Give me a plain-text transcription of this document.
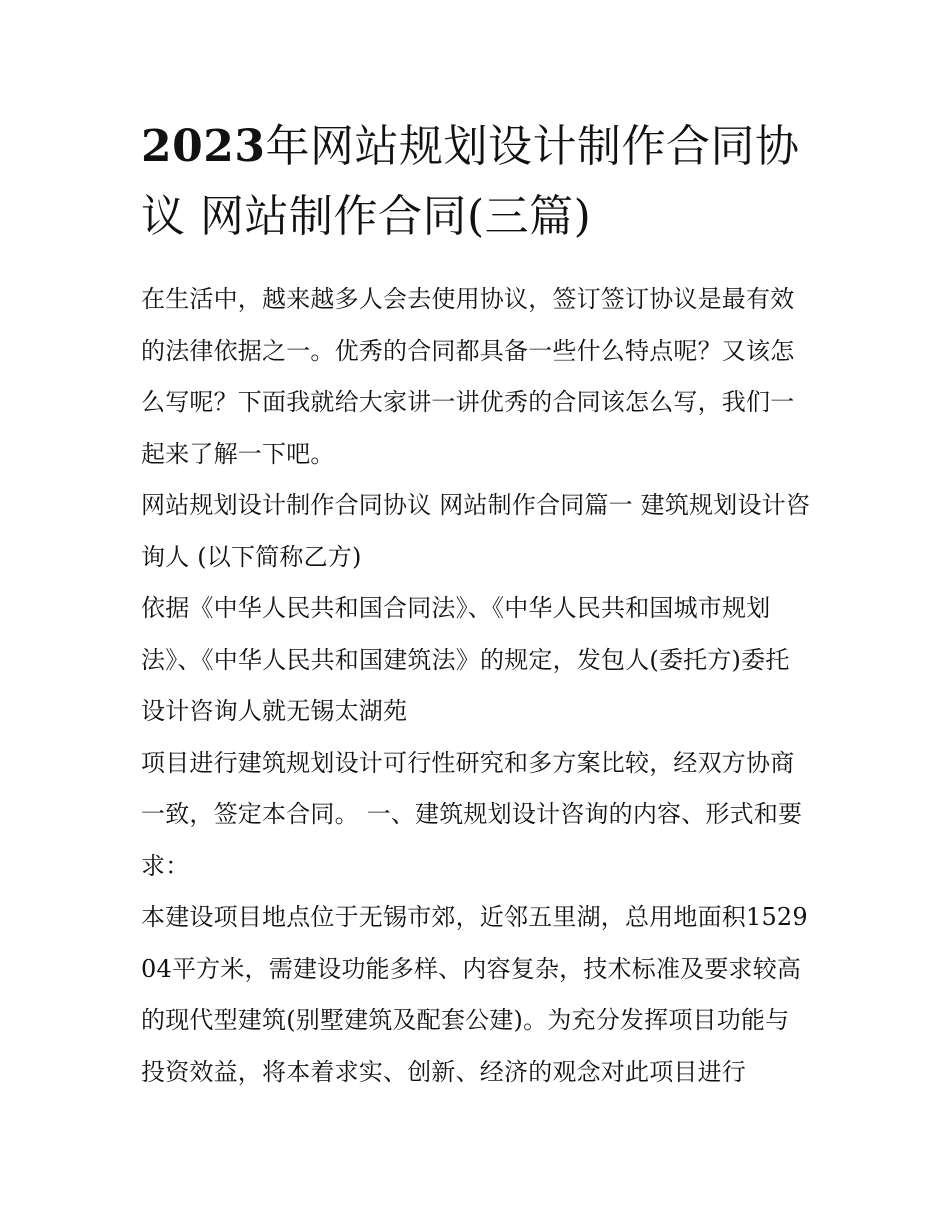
2023年网站规划设计制作合同协议 网站制作合同(三篇)

在生活中，越来越多人会去使用协议，签订签订协议是最有效的法律依据之一。优秀的合同都具备一些什么特点呢？又该怎么写呢？下面我就给大家讲一讲优秀的合同该怎么写，我们一起来了解一下吧。

网站规划设计制作合同协议 网站制作合同篇一 建筑规划设计咨询人 (以下简称乙方)

依据《中华人民共和国合同法》、《中华人民共和国城市规划法》、《中华人民共和国建筑法》的规定，发包人(委托方)委托设计咨询人就无锡太湖苑

项目进行建筑规划设计可行性研究和多方案比较，经双方协商一致，签定本合同。 一、建筑规划设计咨询的内容、形式和要求：

本建设项目地点位于无锡市郊，近邻五里湖，总用地面积152904平方米，需建设功能多样、内容复杂，技术标准及要求较高的现代型建筑(别墅建筑及配套公建)。为充分发挥项目功能与投资效益，将本着求实、创新、经济的观念对此项目进行
